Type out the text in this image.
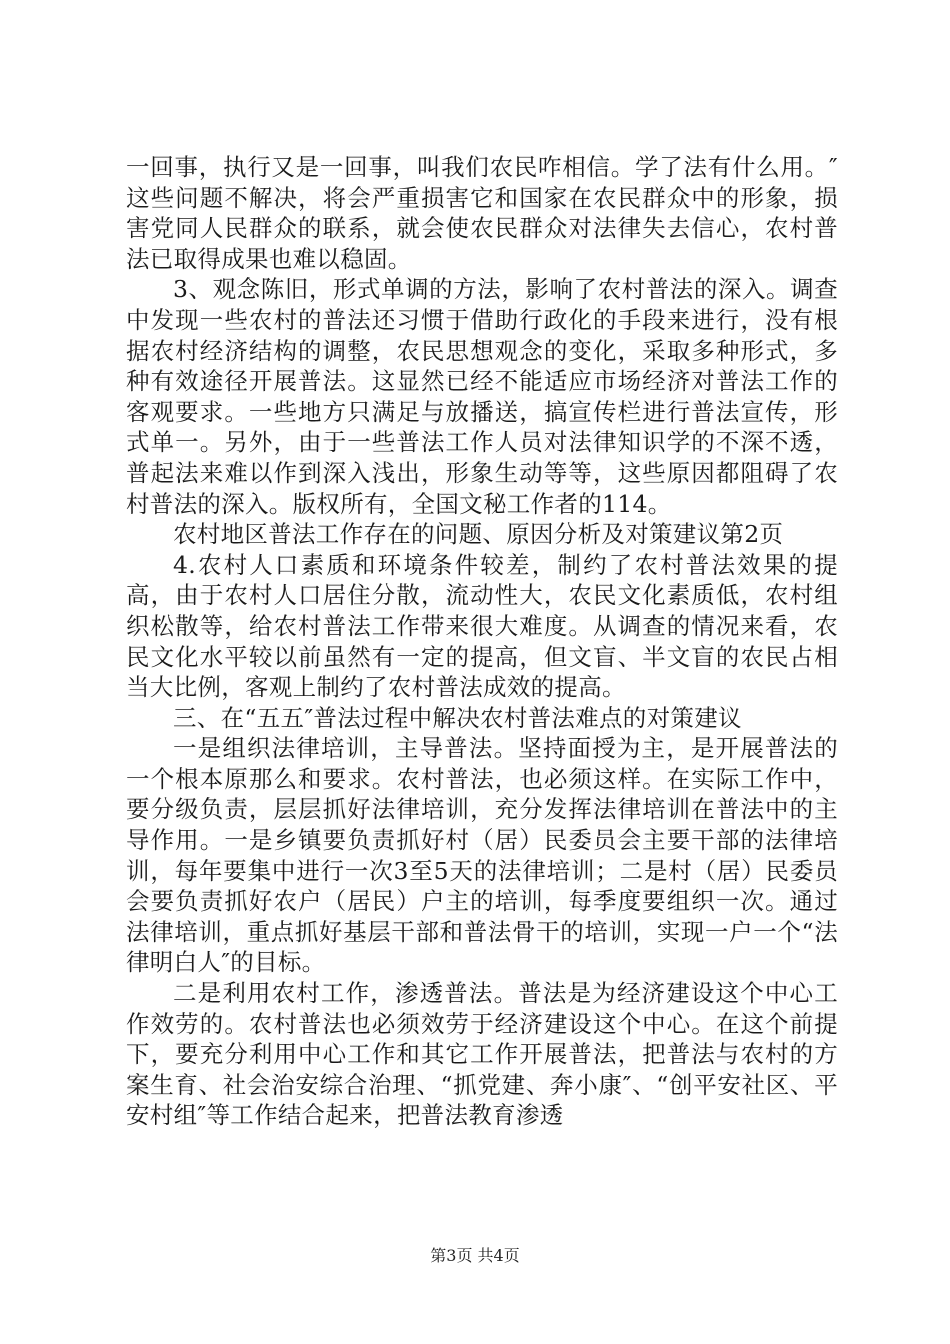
一回事，执行又是一回事，叫我们农民咋相信。学了法有什么用。″这些问题不解决，将会严重损害它和国家在农民群众中的形象，损害党同人民群众的联系，就会使农民群众对法律失去信心，农村普法已取得成果也难以稳固。

3、观念陈旧，形式单调的方法，影响了农村普法的深入。调查中发现一些农村的普法还习惯于借助行政化的手段来进行，没有根据农村经济结构的调整，农民思想观念的变化，采取多种形式，多种有效途径开展普法。这显然已经不能适应市场经济对普法工作的客观要求。一些地方只满足与放播送，搞宣传栏进行普法宣传，形式单一。另外，由于一些普法工作人员对法律知识学的不深不透，普起法来难以作到深入浅出，形象生动等等，这些原因都阻碍了农村普法的深入。版权所有，全国文秘工作者的114。

农村地区普法工作存在的问题、原因分析及对策建议第2页

4.农村人口素质和环境条件较差，制约了农村普法效果的提高，由于农村人口居住分散，流动性大，农民文化素质低，农村组织松散等，给农村普法工作带来很大难度。从调查的情况来看，农民文化水平较以前虽然有一定的提高，但文盲、半文盲的农民占相当大比例，客观上制约了农村普法成效的提高。

三、在“五五″普法过程中解决农村普法难点的对策建议

一是组织法律培训，主导普法。坚持面授为主，是开展普法的一个根本原那么和要求。农村普法，也必须这样。在实际工作中，要分级负责，层层抓好法律培训，充分发挥法律培训在普法中的主导作用。一是乡镇要负责抓好村（居）民委员会主要干部的法律培训，每年要集中进行一次3至5天的法律培训；二是村（居）民委员会要负责抓好农户（居民）户主的培训，每季度要组织一次。通过法律培训，重点抓好基层干部和普法骨干的培训，实现一户一个“法律明白人″的目标。

二是利用农村工作，渗透普法。普法是为经济建设这个中心工作效劳的。农村普法也必须效劳于经济建设这个中心。在这个前提下，要充分利用中心工作和其它工作开展普法，把普法与农村的方案生育、社会治安综合治理、“抓党建、奔小康″、“创平安社区、平安村组″等工作结合起来，把普法教育渗透

第3页 共4页
